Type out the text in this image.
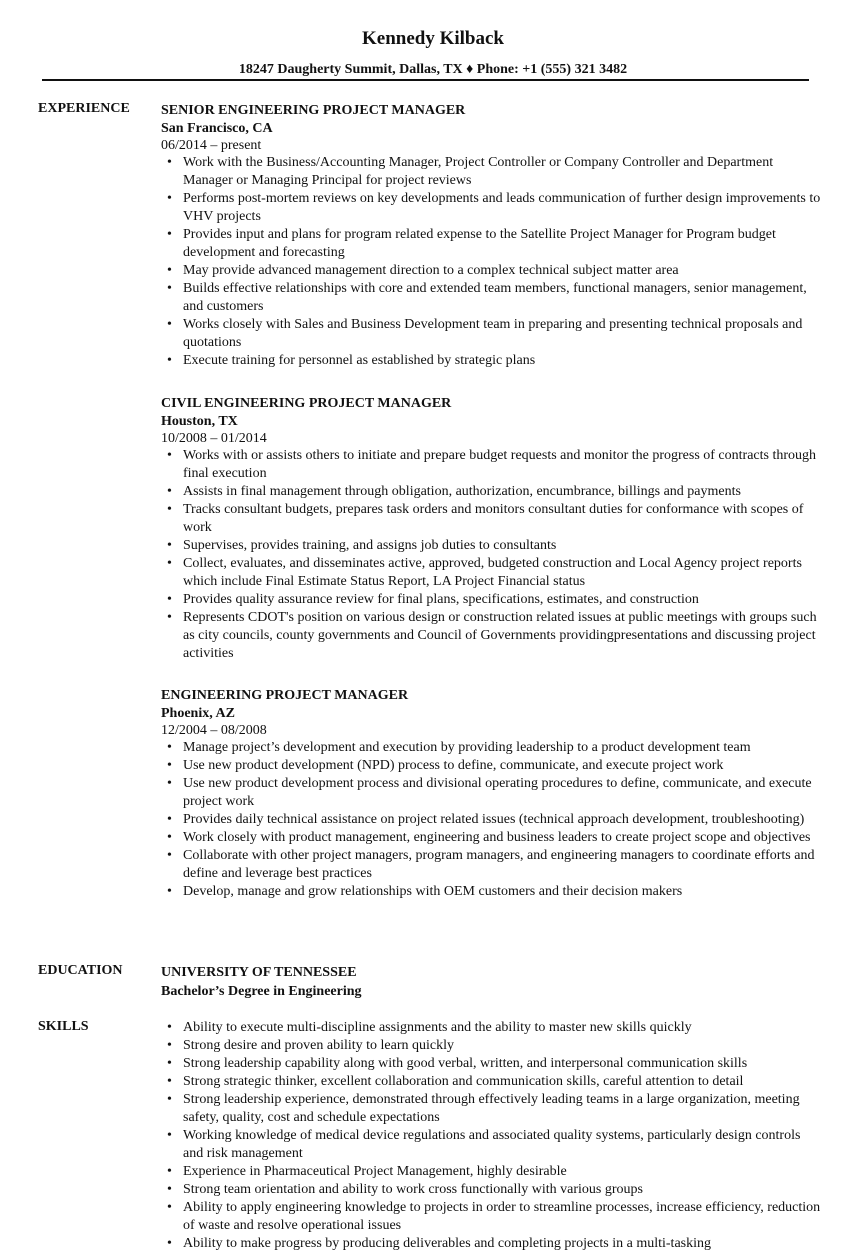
Kennedy Kilback
18247 Daugherty Summit, Dallas, TX ♦ Phone: +1 (555) 321 3482
EXPERIENCE SENIOR ENGINEERING PROJECT MANAGER
San Francisco, CA
06/2014 – present
• Work with the Business/Accounting Manager, Project Controller or Company Controller and Department Manager or Managing Principal for project reviews
• Performs post-mortem reviews on key developments and leads communication of further design improvements to VHV projects
• Provides input and plans for program related expense to the Satellite Project Manager for Program budget development and forecasting
• May provide advanced management direction to a complex technical subject matter area
• Builds effective relationships with core and extended team members, functional managers, senior management, and customers
• Works closely with Sales and Business Development team in preparing and presenting technical proposals and quotations
• Execute training for personnel as established by strategic plans
CIVIL ENGINEERING PROJECT MANAGER
Houston, TX
10/2008 – 01/2014
• Works with or assists others to initiate and prepare budget requests and monitor the progress of contracts through final execution
• Assists in final management through obligation, authorization, encumbrance, billings and payments
• Tracks consultant budgets, prepares task orders and monitors consultant duties for conformance with scopes of work
• Supervises, provides training, and assigns job duties to consultants
• Collect, evaluates, and disseminates active, approved, budgeted construction and Local Agency project reports which include Final Estimate Status Report, LA Project Financial status
• Provides quality assurance review for final plans, specifications, estimates, and construction
• Represents CDOT's position on various design or construction related issues at public meetings with groups such as city councils, county governments and Council of Governments providingpresentations and discussing project activities
ENGINEERING PROJECT MANAGER
Phoenix, AZ
12/2004 – 08/2008
• Manage project’s development and execution by providing leadership to a product development team
• Use new product development (NPD) process to define, communicate, and execute project work
• Use new product development process and divisional operating procedures to define, communicate, and execute project work
• Provides daily technical assistance on project related issues (technical approach development, troubleshooting)
• Work closely with product management, engineering and business leaders to create project scope and objectives
• Collaborate with other project managers, program managers, and engineering managers to coordinate efforts and define and leverage best practices
• Develop, manage and grow relationships with OEM customers and their decision makers
EDUCATION	UNIVERSITY OF TENNESSEE
Bachelor’s Degree in Engineering
SKILLS	• Ability to execute multi-discipline assignments and the ability to master new skills quickly
• Strong desire and proven ability to learn quickly
• Strong leadership capability along with good verbal, written, and interpersonal communication skills
• Strong strategic thinker, excellent collaboration and communication skills, careful attention to detail
• Strong leadership experience, demonstrated through effectively leading teams in a large organization, meeting safety, quality, cost and schedule expectations
• Working knowledge of medical device regulations and associated quality systems, particularly design controls and risk management
• Experience in Pharmaceutical Project Management, highly desirable
• Strong team orientation and ability to work cross functionally with various groups
• Ability to apply engineering knowledge to projects in order to streamline processes, increase efficiency, reduction of waste and resolve operational issues
• Ability to make progress by producing deliverables and completing projects in a multi-tasking
